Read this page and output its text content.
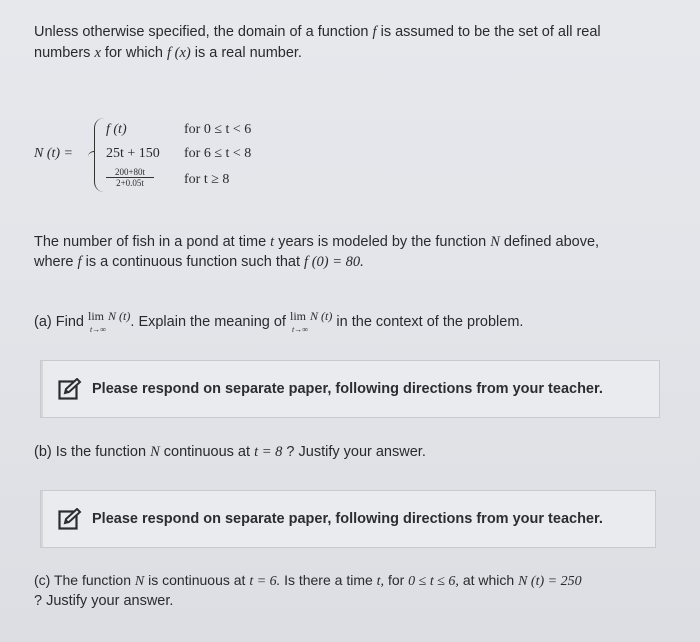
Unless otherwise specified, the domain of a function f is assumed to be the set of all real
numbers x for which f (x) is a real number.
N (t) =
f (t)	for 0 ≤ t < 6
25t + 150 for 6 ≤ t < 8
$\frac{200+80t}{2+0.05t}$ for t ≥ 8
The number of fish in a pond at time t years is modeled by the function N defined above,
where f is a continuous function such that f (0) = 80.
(a) Find lim
t→∞
N (t). Explain the meaning of lim
t→∞
N (t) in the context of the problem.
Please respond on separate paper, following directions from your teacher.
(b) Is the function N continuous at t = 8 ? Justify your answer.
Please respond on separate paper, following directions from your teacher.
(c) The function N is continuous at t = 6. Is there a time t, for 0 ≤ t ≤ 6, at which N (t) = 250
? Justify your answer.
